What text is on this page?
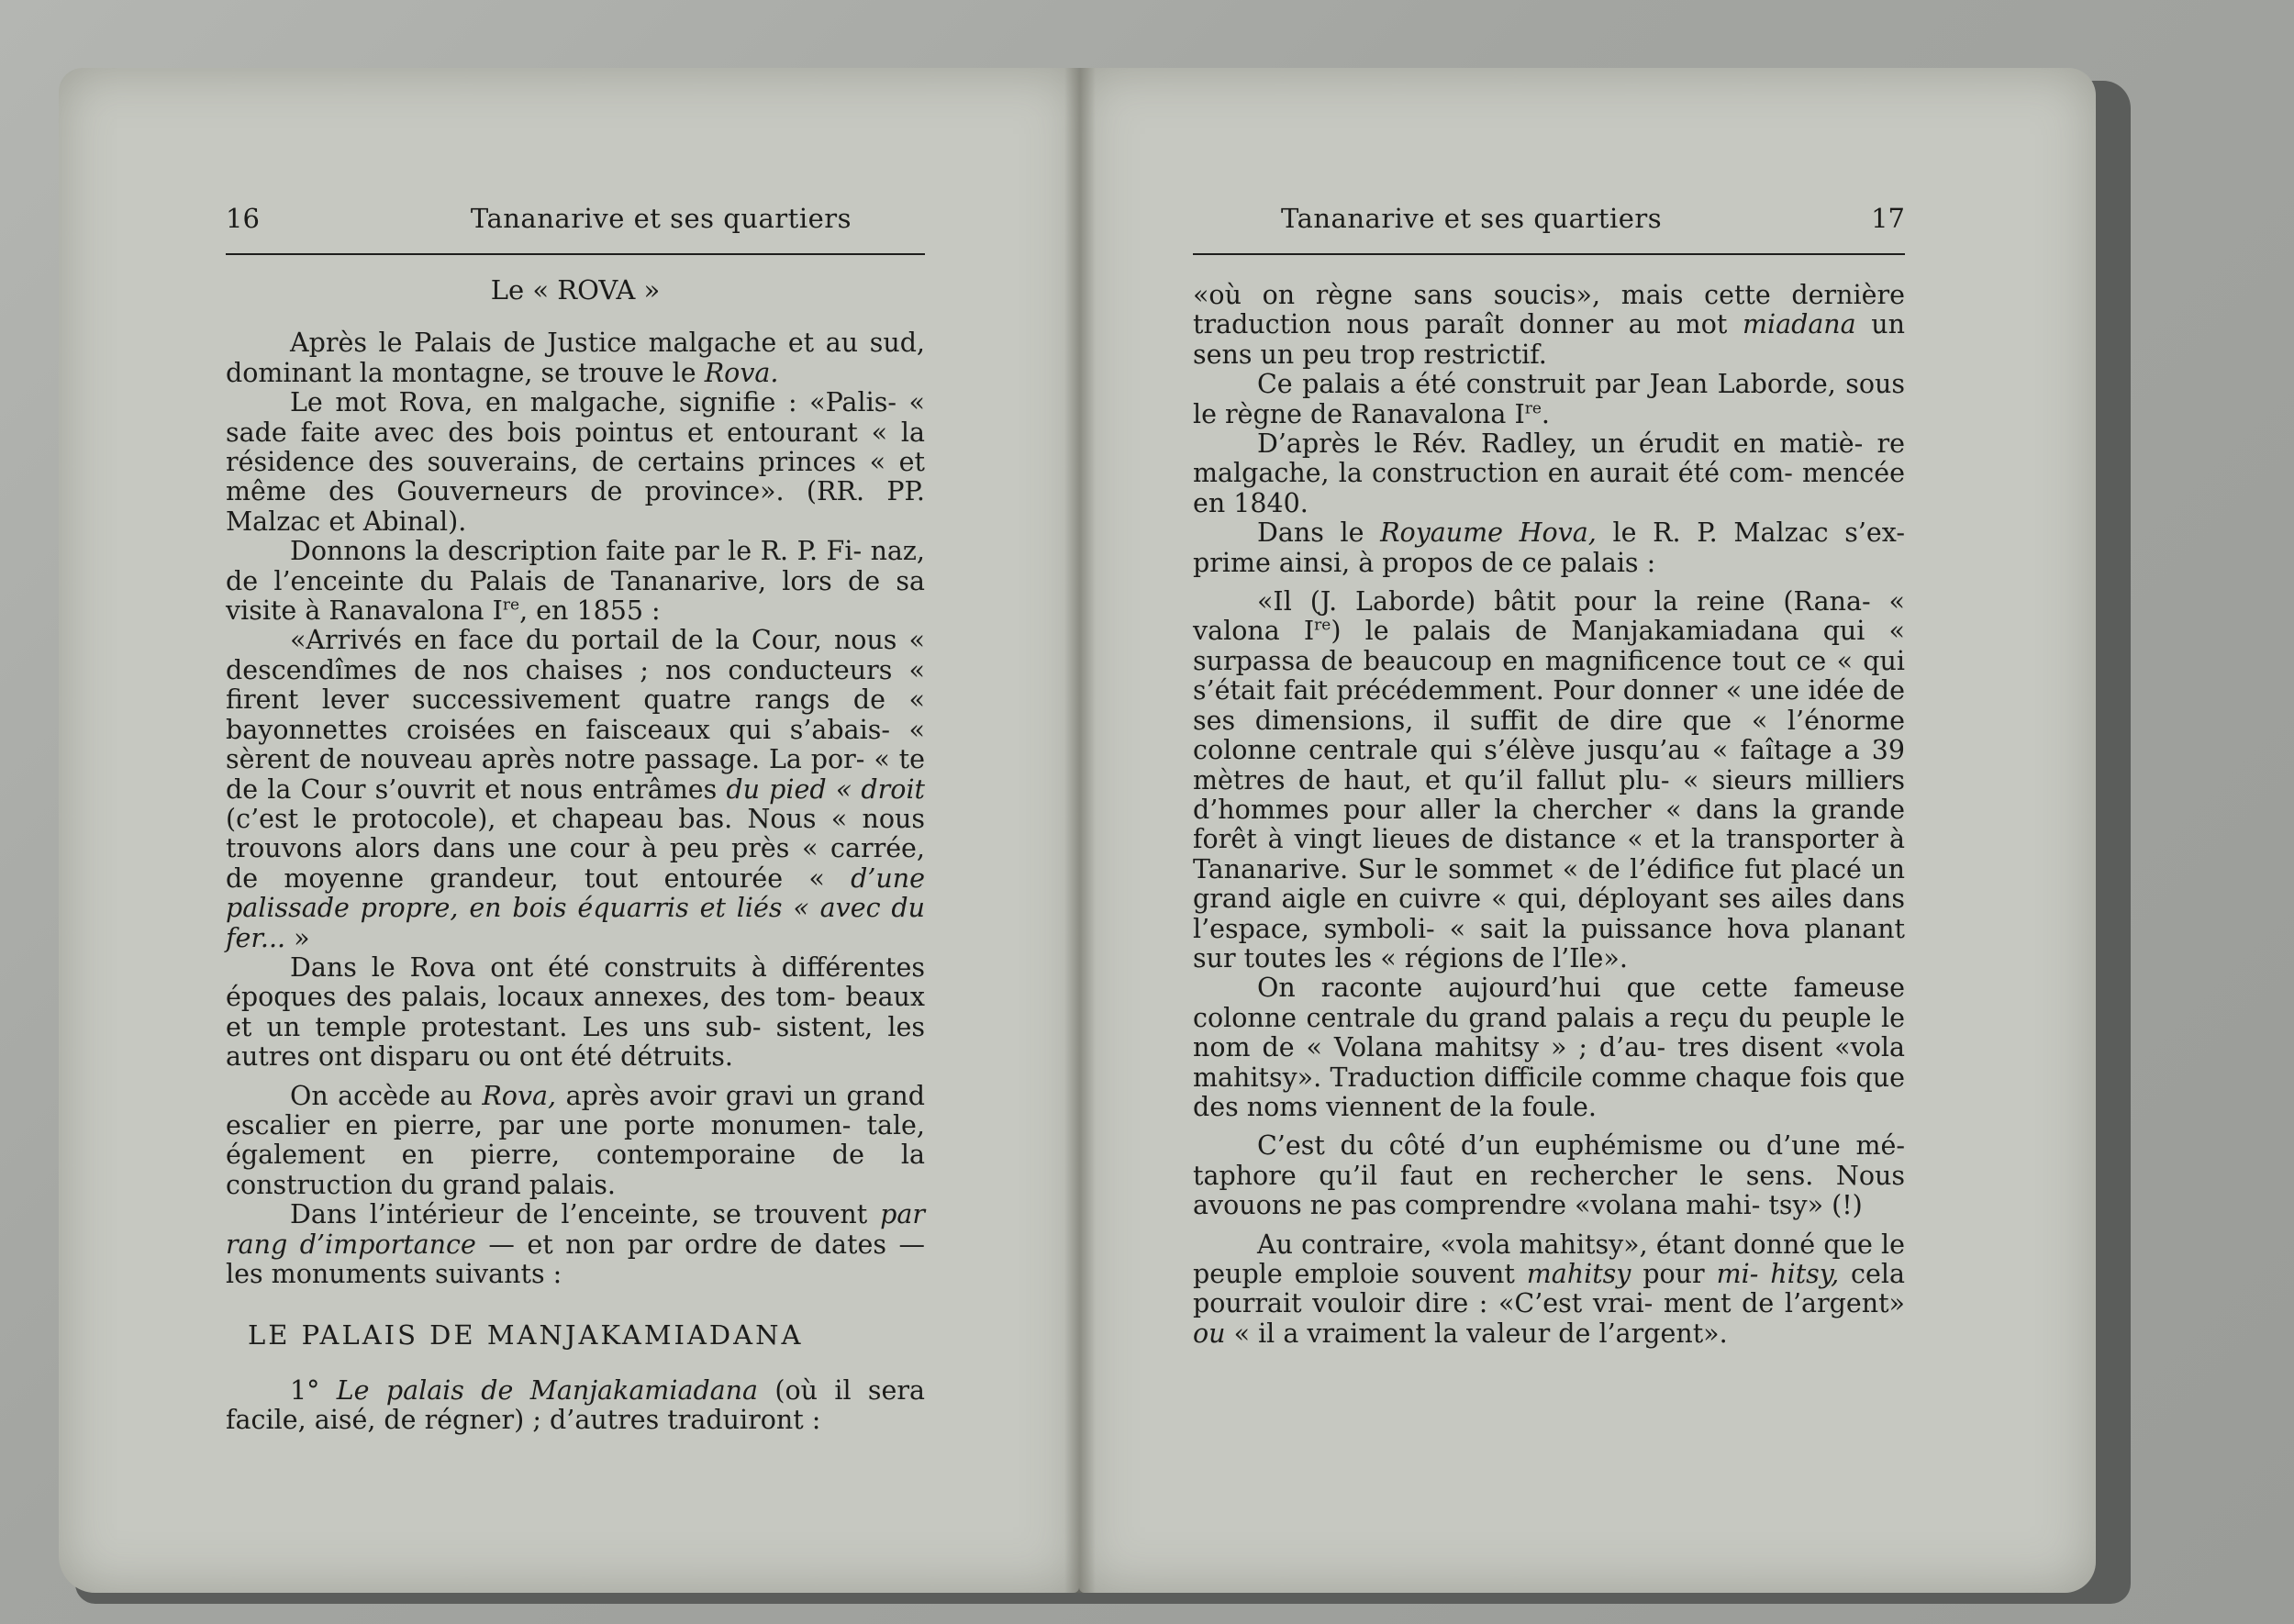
16	Tananarive et ses quartiers
Le « ROVA »

Après le Palais de Justice malgache et au sud, dominant la montagne, se trouve le Rova.

Le mot Rova, en malgache, signifie : «Palis- « sade faite avec des bois pointus et entourant « la résidence des souverains, de certains princes « et même des Gouverneurs de province». (RR. PP. Malzac et Abinal).

Donnons la description faite par le R. P. Fi- naz, de l’enceinte du Palais de Tananarive, lors de sa visite à Ranavalona Ire, en 1855 :

«Arrivés en face du portail de la Cour, nous « descendîmes de nos chaises ; nos conducteurs « firent lever successivement quatre rangs de « bayonnettes croisées en faisceaux qui s’abais- « sèrent de nouveau après notre passage. La por- « te de la Cour s’ouvrit et nous entrâmes du pied « droit (c’est le protocole), et chapeau bas. Nous « nous trouvons alors dans une cour à peu près « carrée, de moyenne grandeur, tout entourée « d’une palissade propre, en bois équarris et liés « avec du fer... »

Dans le Rova ont été construits à différentes époques des palais, locaux annexes, des tom- beaux et un temple protestant. Les uns sub- sistent, les autres ont disparu ou ont été détruits.

On accède au Rova, après avoir gravi un grand escalier en pierre, par une porte monumen- tale, également en pierre, contemporaine de la construction du grand palais.

Dans l’intérieur de l’enceinte, se trouvent par rang d’importance — et non par ordre de dates — les monuments suivants :

LE PALAIS DE MANJAKAMIADANA

1° Le palais de Manjakamiadana (où il sera facile, aisé, de régner) ; d’autres traduiront :

Tananarive et ses quartiers	17

«où on règne sans soucis», mais cette dernière traduction nous paraît donner au mot miadana un sens un peu trop restrictif.

Ce palais a été construit par Jean Laborde, sous le règne de Ranavalona Ire.

D’après le Rév. Radley, un érudit en matiè- re malgache, la construction en aurait été com- mencée en 1840.

Dans le Royaume Hova, le R. P. Malzac s’ex- prime ainsi, à propos de ce palais :

«Il (J. Laborde) bâtit pour la reine (Rana- « valona Ire) le palais de Manjakamiadana qui « surpassa de beaucoup en magnificence tout ce « qui s’était fait précédemment. Pour donner « une idée de ses dimensions, il suffit de dire que « l’énorme colonne centrale qui s’élève jusqu’au « faîtage a 39 mètres de haut, et qu’il fallut plu- « sieurs milliers d’hommes pour aller la chercher « dans la grande forêt à vingt lieues de distance « et la transporter à Tananarive. Sur le sommet « de l’édifice fut placé un grand aigle en cuivre « qui, déployant ses ailes dans l’espace, symboli- « sait la puissance hova planant sur toutes les « régions de l’Ile».

On raconte aujourd’hui que cette fameuse colonne centrale du grand palais a reçu du peuple le nom de « Volana mahitsy » ; d’au- tres disent «vola mahitsy». Traduction difficile comme chaque fois que des noms viennent de la foule.

C’est du côté d’un euphémisme ou d’une mé- taphore qu’il faut en rechercher le sens. Nous avouons ne pas comprendre «volana mahi- tsy» (!)

Au contraire, «vola mahitsy», étant donné que le peuple emploie souvent mahitsy pour mi- hitsy, cela pourrait vouloir dire : «C’est vrai- ment de l’argent» ou « il a vraiment la valeur de l’argent».
